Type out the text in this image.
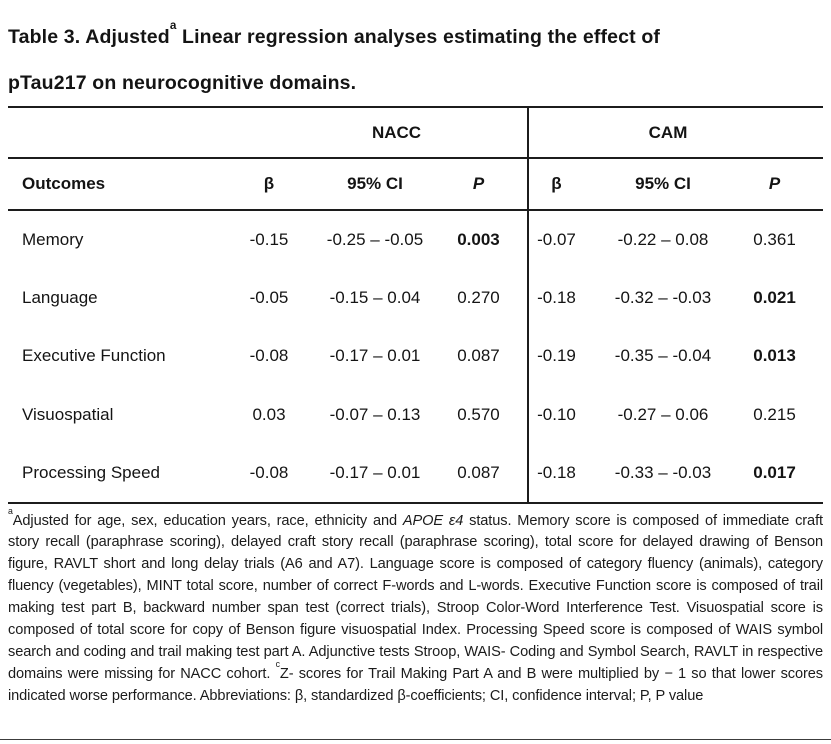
Table 3. Adjusted$^a$ Linear regression analyses estimating the effect of
pTau217 on neurocognitive domains.
	NACC			CAM		
Outcomes	β	95% CI	P	β	95% CI	P
Memory	-0.15	-0.25 – -0.05	0.003	-0.07	-0.22 – 0.08	0.361
Language	-0.05	-0.15 – 0.04	0.270	-0.18	-0.32 – -0.03	0.021
Executive Function	-0.08	-0.17 – 0.01	0.087	-0.19	-0.35 – -0.04	0.013
Visuospatial	0.03	-0.07 – 0.13	0.570	-0.10	-0.27 – 0.06	0.215
Processing Speed	-0.08	-0.17 – 0.01	0.087	-0.18	-0.33 – -0.03	0.017

$^a$Adjusted for age, sex, education years, race, ethnicity and APOE ε4 status. Memory score is composed of immediate craft story recall (paraphrase scoring), delayed craft story recall (paraphrase scoring), total score for delayed drawing of Benson figure, RAVLT short and long delay trials (A6 and A7). Language score is composed of category fluency (animals), category fluency (vegetables), MINT total score, number of correct F-words and L-words. Executive Function score is composed of trail making test part B, backward number span test (correct trials), Stroop Color-Word Interference Test. Visuospatial score is composed of total score for copy of Benson figure visuospatial Index. Processing Speed score is composed of WAIS symbol search and coding and trail making test part A. Adjunctive tests Stroop, WAIS- Coding and Symbol Search, RAVLT in respective domains were missing for NACC cohort. $^c$Z- scores for Trail Making Part A and B were multiplied by − 1 so that lower scores indicated worse performance. Abbreviations: β, standardized β-coefficients; CI, confidence interval; P, P value
